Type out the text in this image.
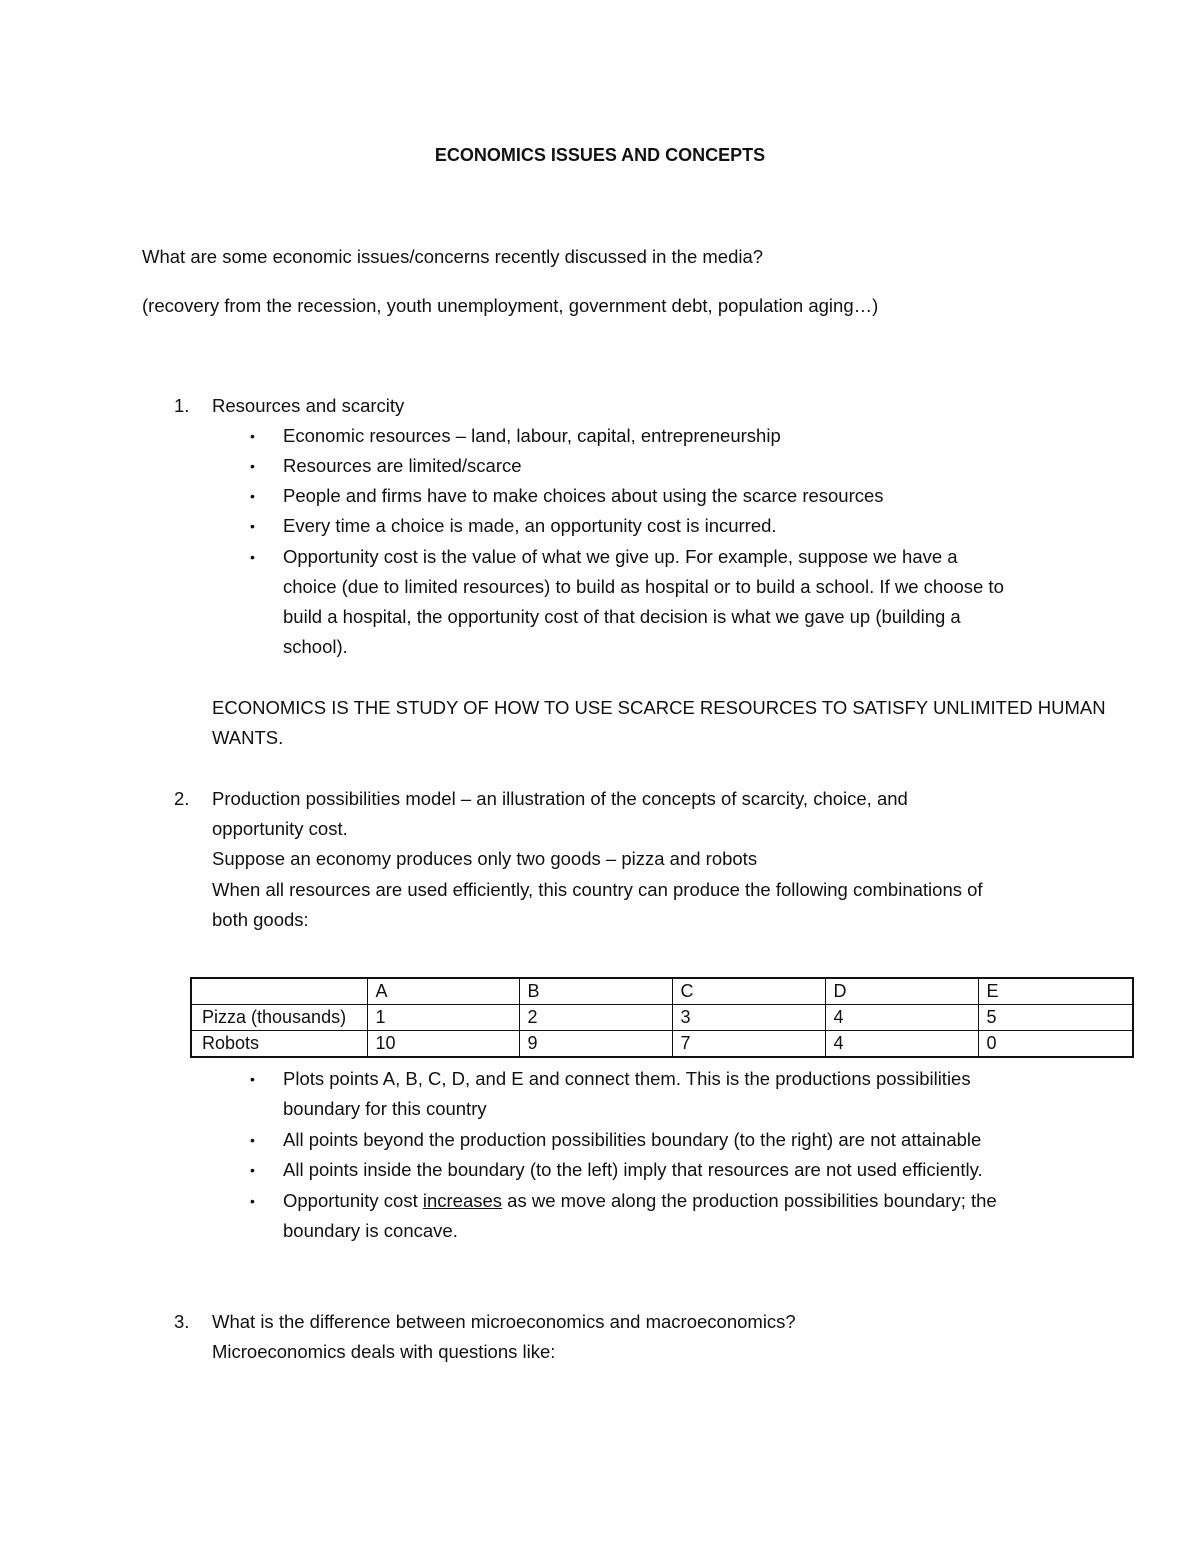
ECONOMICS ISSUES AND CONCEPTS
What are some economic issues/concerns recently discussed in the media?
(recovery from the recession, youth unemployment, government debt, population aging…)
1. Resources and scarcity
• Economic resources – land, labour, capital, entrepreneurship
• Resources are limited/scarce
• People and firms have to make choices about using the scarce resources
• Every time a choice is made, an opportunity cost is incurred.
• Opportunity cost is the value of what we give up. For example, suppose we have a
choice (due to limited resources) to build as hospital or to build a school. If we choose to
build a hospital, the opportunity cost of that decision is what we gave up (building a
school).
ECONOMICS IS THE STUDY OF HOW TO USE SCARCE RESOURCES TO SATISFY UNLIMITED HUMAN
WANTS.
2. Production possibilities model – an illustration of the concepts of scarcity, choice, and
opportunity cost.
Suppose an economy produces only two goods – pizza and robots
When all resources are used efficiently, this country can produce the following combinations of
both goods:
	A	B	C	D	E
Pizza (thousands)	1	2	3	4	5
Robots	10	9	7	4	0
• Plots points A, B, C, D, and E and connect them. This is the productions possibilities
boundary for this country
• All points beyond the production possibilities boundary (to the right) are not attainable
• All points inside the boundary (to the left) imply that resources are not used efficiently.
• Opportunity cost increases as we move along the production possibilities boundary; the
boundary is concave.
3. What is the difference between microeconomics and macroeconomics?
Microeconomics deals with questions like:
